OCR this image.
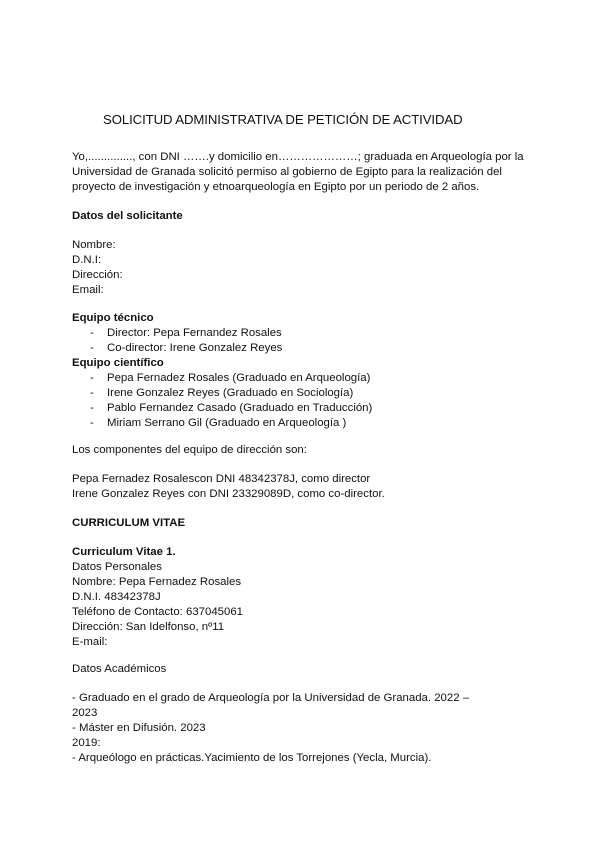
SOLICITUD ADMINISTRATIVA DE PETICIÓN DE ACTIVIDAD
Yo,.............., con DNI …….y domicilio en…………………; graduada en Arqueología por la
Universidad de Granada solicitó permiso al gobierno de Egipto para la realización del
proyecto de investigación y etnoarqueología en Egipto por un periodo de 2 años.
Datos del solicitante
Nombre:
D.N.I:
Dirección:
Email:
Equipo técnico
- Director: Pepa Fernandez Rosales
- Co-director: Irene Gonzalez Reyes
Equipo científico
- Pepa Fernadez Rosales (Graduado en Arqueología)
- Irene Gonzalez Reyes (Graduado en Sociología)
- Pablo Fernandez Casado (Graduado en Traducción)
- Miriam Serrano Gil (Graduado en Arqueología )
Los componentes del equipo de dirección son:
Pepa Fernadez Rosalescon DNI 48342378J, como director
Irene Gonzalez Reyes con DNI 23329089D, como co-director.
CURRICULUM VITAE
Curriculum Vitae 1.
Datos Personales
Nombre: Pepa Fernadez Rosales
D.N.I. 48342378J
Teléfono de Contacto: 637045061
Dirección: San Idelfonso, nº11
E-mail:
Datos Académicos
- Graduado en el grado de Arqueología por la Universidad de Granada. 2022 –
2023
- Máster en Difusión. 2023
2019:
- Arqueólogo en prácticas.Yacimiento de los Torrejones (Yecla, Murcia).
